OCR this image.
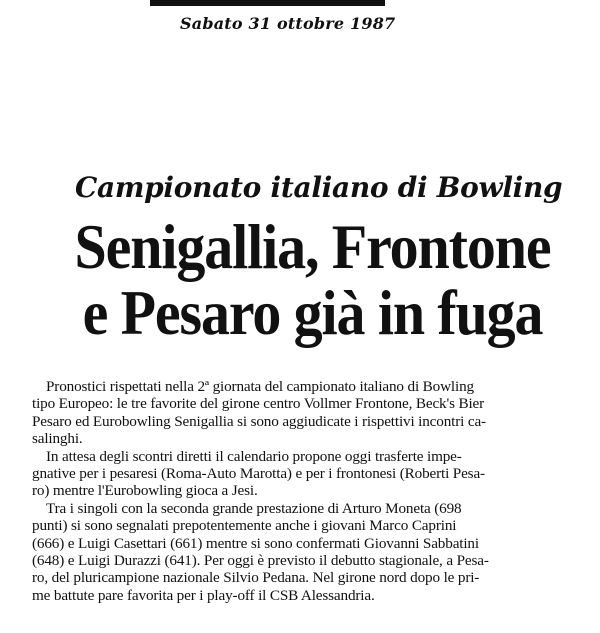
Sabato 31 ottobre 1987
Campionato italiano di Bowling
Senigallia, Frontone
e Pesaro già in fuga
Pronostici rispettati nella 2ª giornata del campionato italiano di Bowling
tipo Europeo: le tre favorite del girone centro Vollmer Frontone, Beck's Bier
Pesaro ed Eurobowling Senigallia si sono aggiudicate i rispettivi incontri ca-
salinghi.
In attesa degli scontri diretti il calendario propone oggi trasferte impe-
gnative per i pesaresi (Roma-Auto Marotta) e per i frontonesi (Roberti Pesa-
ro) mentre l'Eurobowling gioca a Jesi.
Tra i singoli con la seconda grande prestazione di Arturo Moneta (698
punti) si sono segnalati prepotentemente anche i giovani Marco Caprini
(666) e Luigi Casettari (661) mentre si sono confermati Giovanni Sabbatini
(648) e Luigi Durazzi (641). Per oggi è previsto il debutto stagionale, a Pesa-
ro, del pluricampione nazionale Silvio Pedana. Nel girone nord dopo le pri-
me battute pare favorita per i play-off il CSB Alessandria.
